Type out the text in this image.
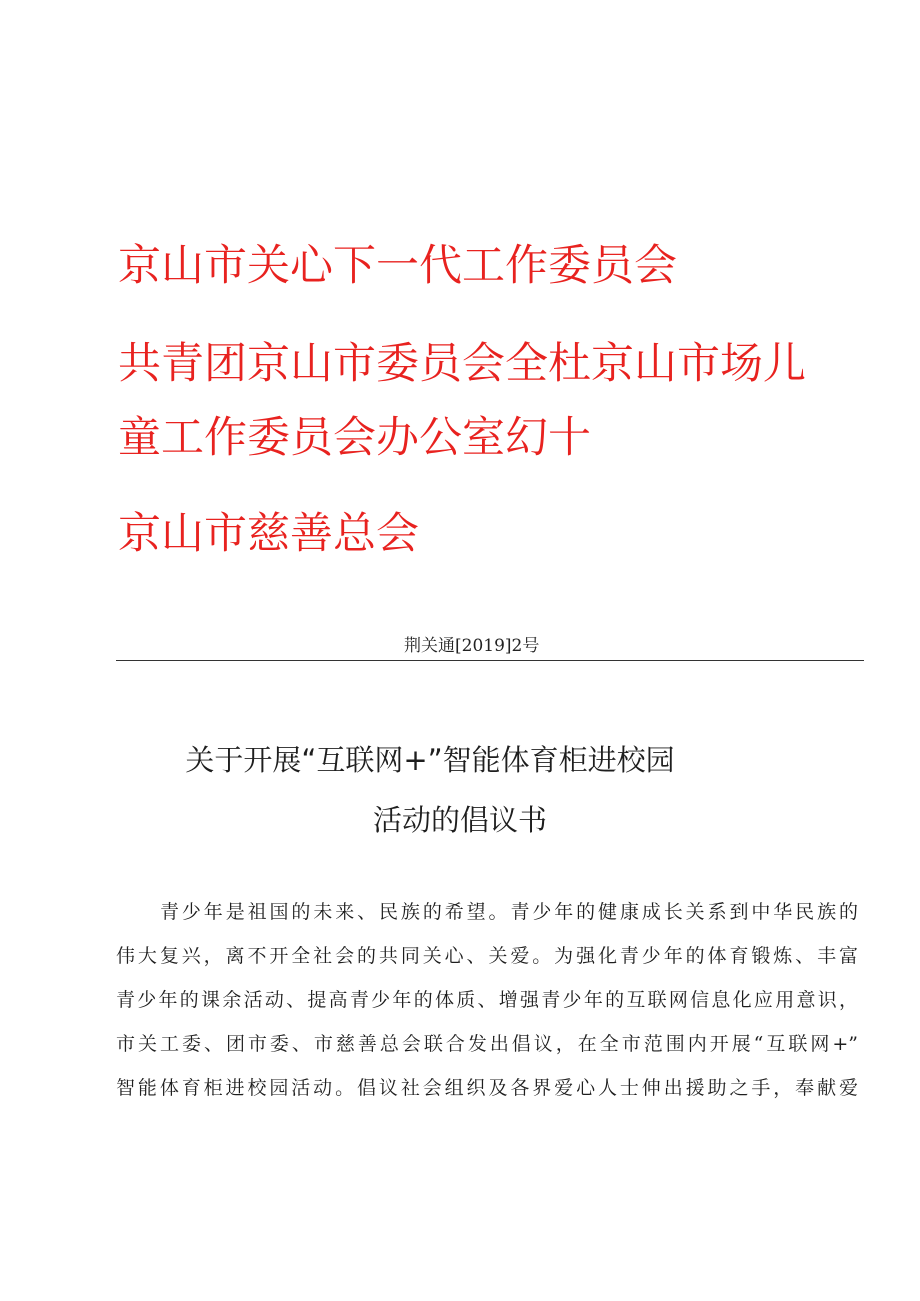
京山市关心下一代工作委员会

共青团京山市委员会全杜京山市场儿

童工作委员会办公室幻十

京山市慈善总会

荆关通[2019]2号
关于开展“互联网+”智能体育柜进校园
活动的倡议书
青少年是祖国的未来、民族的希望。青少年的健康成长关系到中华民族的
伟大复兴，离不开全社会的共同关心、关爱。为强化青少年的体育锻炼、丰富
青少年的课余活动、提高青少年的体质、增强青少年的互联网信息化应用意识，
市关工委、团市委、市慈善总会联合发出倡议，在全市范围内开展“互联网+”
智能体育柜进校园活动。倡议社会组织及各界爱心人士伸出援助之手，奉献爱
